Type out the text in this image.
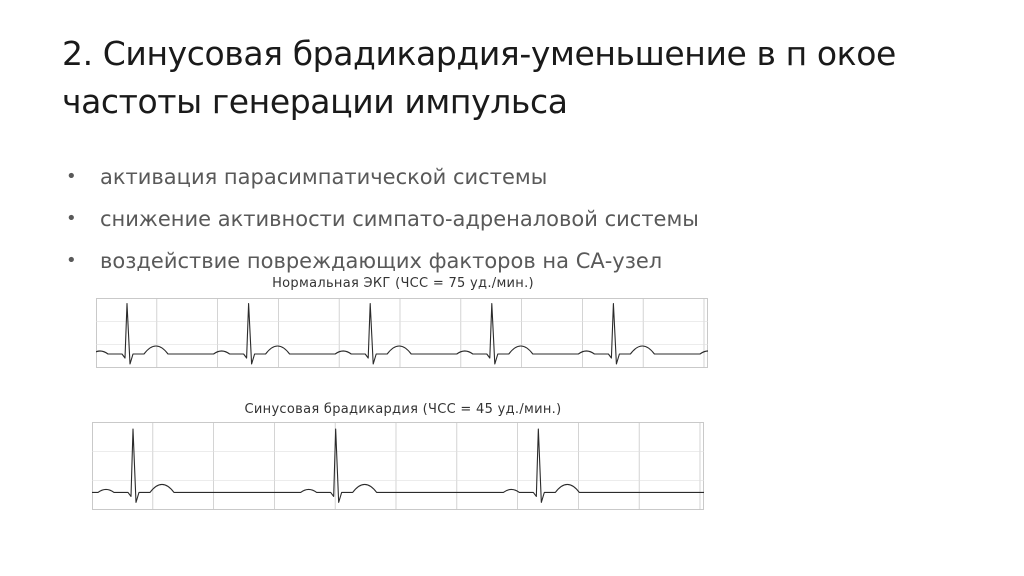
2. Синусовая брадикардия-уменьшение в п окое частоты генерации импульса
• активация парасимпатической системы
• снижение активности симпато-адреналовой системы
• воздействие повреждающих факторов на СА-узел
Нормальная ЭКГ (ЧСС = 75 уд./мин.)
Синусовая брадикардия (ЧСС = 45 уд./мин.)
